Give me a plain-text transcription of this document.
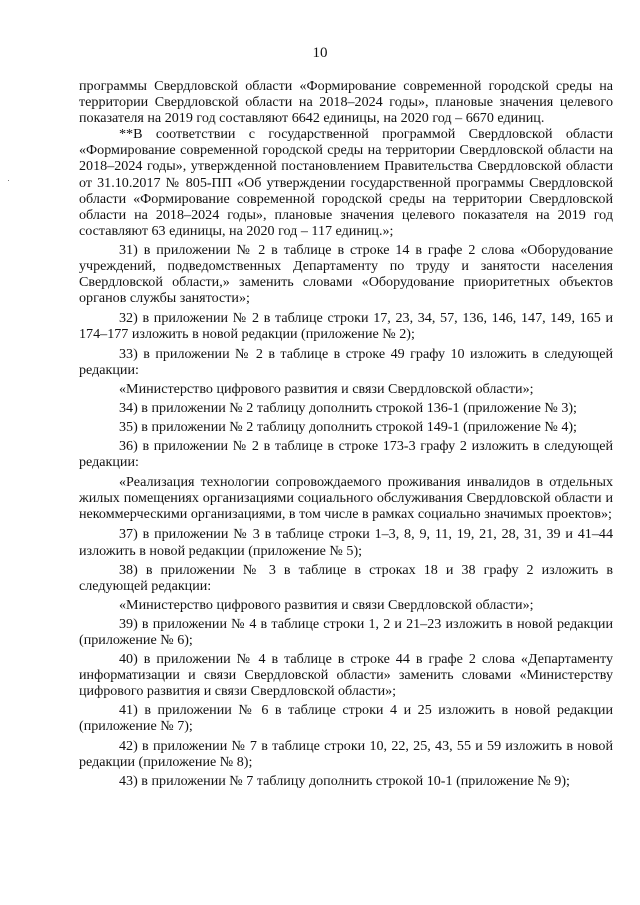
10

программы Свердловской области «Формирование современной городской среды на территории Свердловской области на 2018–2024 годы», плановые значения целевого показателя на 2019 год составляют 6642 единицы, на 2020 год – 6670 единиц.

**В соответствии с государственной программой Свердловской области «Формирование современной городской среды на территории Свердловской области на 2018–2024 годы», утвержденной постановлением Правительства Свердловской области от 31.10.2017 № 805-ПП «Об утверждении государственной программы Свердловской области «Формирование современной городской среды на территории Свердловской области на 2018–2024 годы», плановые значения целевого показателя на 2019 год составляют 63 единицы, на 2020 год – 117 единиц.»;

31) в приложении № 2 в таблице в строке 14 в графе 2 слова «Оборудование учреждений, подведомственных Департаменту по труду и занятости населения Свердловской области,» заменить словами «Оборудование приоритетных объектов органов службы занятости»;

32) в приложении № 2 в таблице строки 17, 23, 34, 57, 136, 146, 147, 149, 165 и 174–177 изложить в новой редакции (приложение № 2);

33) в приложении № 2 в таблице в строке 49 графу 10 изложить в следующей редакции:

«Министерство цифрового развития и связи Свердловской области»;

34) в приложении № 2 таблицу дополнить строкой 136-1 (приложение № 3);

35) в приложении № 2 таблицу дополнить строкой 149-1 (приложение № 4);

36) в приложении № 2 в таблице в строке 173-3 графу 2 изложить в следующей редакции:

«Реализация технологии сопровождаемого проживания инвалидов в отдельных жилых помещениях организациями социального обслуживания Свердловской области и некоммерческими организациями, в том числе в рамках социально значимых проектов»;

37) в приложении № 3 в таблице строки 1–3, 8, 9, 11, 19, 21, 28, 31, 39 и 41–44 изложить в новой редакции (приложение № 5);

38) в приложении № 3 в таблице в строках 18 и 38 графу 2 изложить в следующей редакции:

«Министерство цифрового развития и связи Свердловской области»;

39) в приложении № 4 в таблице строки 1, 2 и 21–23 изложить в новой редакции (приложение № 6);

40) в приложении № 4 в таблице в строке 44 в графе 2 слова «Департаменту информатизации и связи Свердловской области» заменить словами «Министерству цифрового развития и связи Свердловской области»;

41) в приложении № 6 в таблице строки 4 и 25 изложить в новой редакции (приложение № 7);

42) в приложении № 7 в таблице строки 10, 22, 25, 43, 55 и 59 изложить в новой редакции (приложение № 8);

43) в приложении № 7 таблицу дополнить строкой 10-1 (приложение № 9);
